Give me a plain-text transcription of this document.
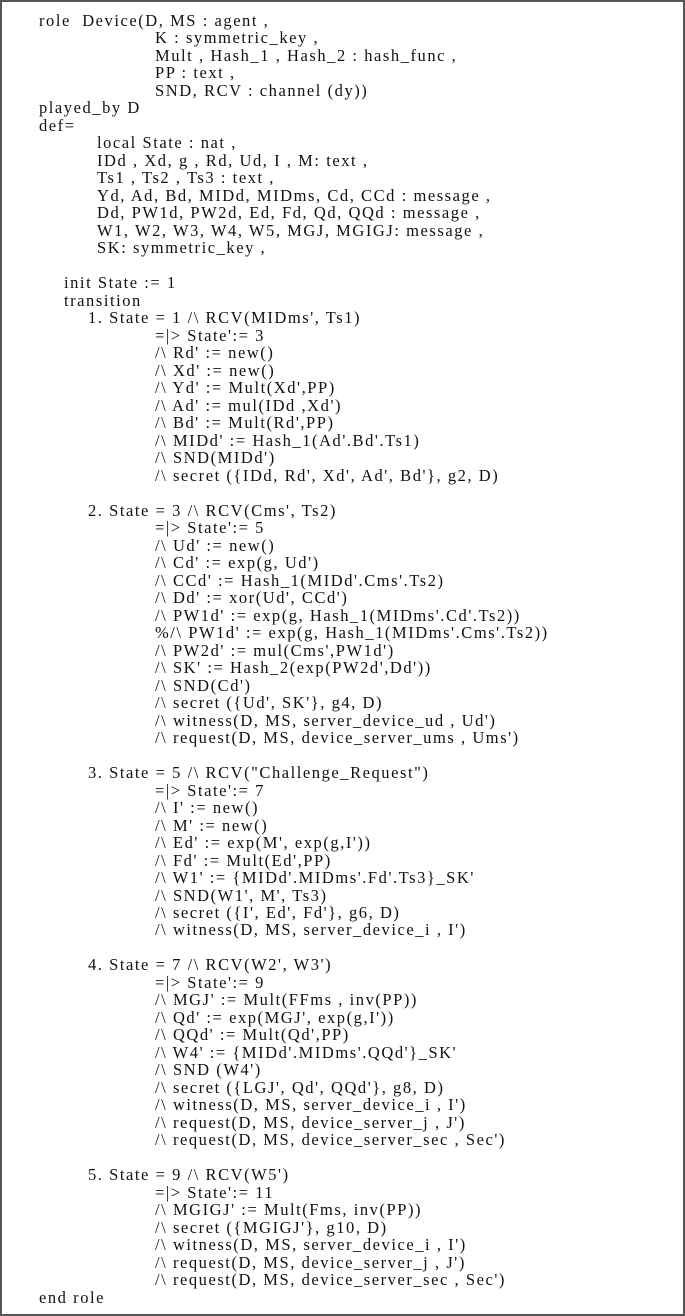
role  Device(D, MS : agent ,
K : symmetric_key ,
Mult , Hash_1 , Hash_2 : hash_func ,
PP : text ,
SND, RCV : channel (dy))
played_by D
def=
local State : nat ,
IDd , Xd, g , Rd, Ud, I , M: text ,
Ts1 , Ts2 , Ts3 : text ,
Yd, Ad, Bd, MIDd, MIDms, Cd, CCd : message ,
Dd, PW1d, PW2d, Ed, Fd, Qd, QQd : message ,
W1, W2, W3, W4, W5, MGJ, MGIGJ: message ,
SK: symmetric_key ,
init State := 1
transition
1. State = 1 /\ RCV(MIDms', Ts1)
=|> State':= 3
/\ Rd' := new()
/\ Xd' := new()
/\ Yd' := Mult(Xd',PP)
/\ Ad' := mul(IDd ,Xd')
/\ Bd' := Mult(Rd',PP)
/\ MIDd' := Hash_1(Ad'.Bd'.Ts1)
/\ SND(MIDd')
/\ secret ({IDd, Rd', Xd', Ad', Bd'}, g2, D)
2. State = 3 /\ RCV(Cms', Ts2)
=|> State':= 5
/\ Ud' := new()
/\ Cd' := exp(g, Ud')
/\ CCd' := Hash_1(MIDd'.Cms'.Ts2)
/\ Dd' := xor(Ud', CCd')
/\ PW1d' := exp(g, Hash_1(MIDms'.Cd'.Ts2))
%/\ PW1d' := exp(g, Hash_1(MIDms'.Cms'.Ts2))
/\ PW2d' := mul(Cms',PW1d')
/\ SK' := Hash_2(exp(PW2d',Dd'))
/\ SND(Cd')
/\ secret ({Ud', SK'}, g4, D)
/\ witness(D, MS, server_device_ud , Ud')
/\ request(D, MS, device_server_ums , Ums')
3. State = 5 /\ RCV("Challenge_Request")
=|> State':= 7
/\ I' := new()
/\ M' := new()
/\ Ed' := exp(M', exp(g,I'))
/\ Fd' := Mult(Ed',PP)
/\ W1' := {MIDd'.MIDms'.Fd'.Ts3}_SK'
/\ SND(W1', M', Ts3)
/\ secret ({I', Ed', Fd'}, g6, D)
/\ witness(D, MS, server_device_i , I')
4. State = 7 /\ RCV(W2', W3')
=|> State':= 9
/\ MGJ' := Mult(FFms , inv(PP))
/\ Qd' := exp(MGJ', exp(g,I'))
/\ QQd' := Mult(Qd',PP)
/\ W4' := {MIDd'.MIDms'.QQd'}_SK'
/\ SND (W4')
/\ secret ({LGJ', Qd', QQd'}, g8, D)
/\ witness(D, MS, server_device_i , I')
/\ request(D, MS, device_server_j , J')
/\ request(D, MS, device_server_sec , Sec')
5. State = 9 /\ RCV(W5')
=|> State':= 11
/\ MGIGJ' := Mult(Fms, inv(PP))
/\ secret ({MGIGJ'}, g10, D)
/\ witness(D, MS, server_device_i , I')
/\ request(D, MS, device_server_j , J')
/\ request(D, MS, device_server_sec , Sec')
end role
